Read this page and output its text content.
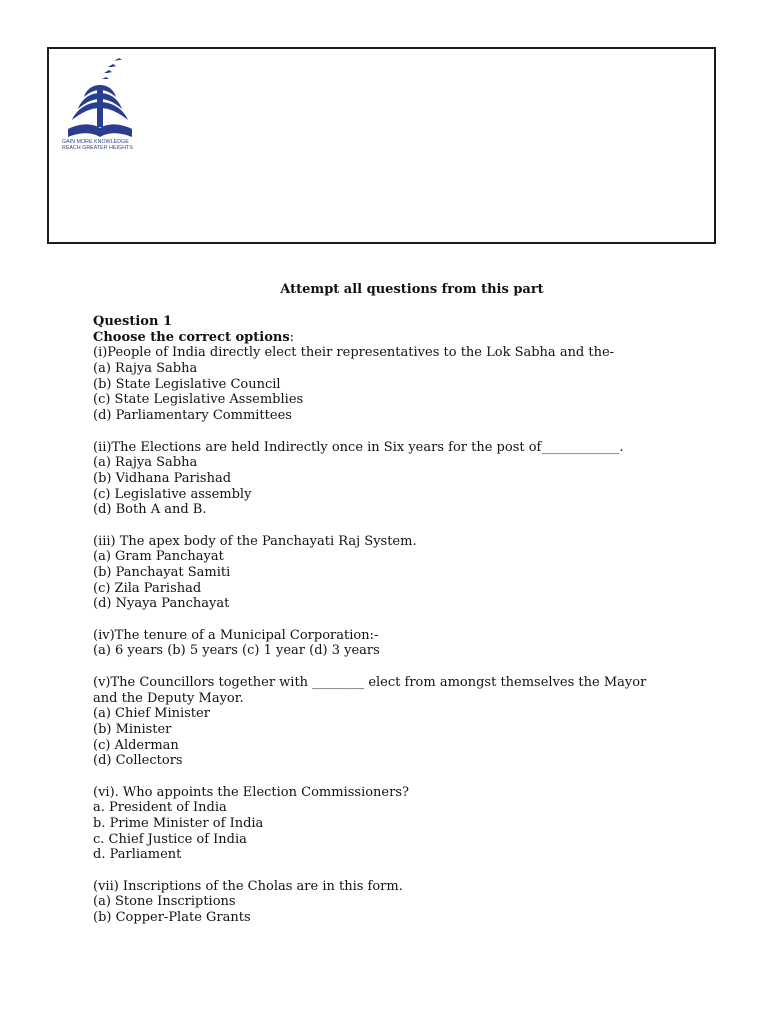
GAIN MORE KNOWLEDGE
REACH GREATER HEIGHTS
Attempt all questions from this part
Question 1
Choose the correct options:
(i)People of India directly elect their representatives to the Lok Sabha and the-
(a) Rajya Sabha
(b) State Legislative Council
(c) State Legislative Assemblies
(d) Parliamentary Committees
(ii)The Elections are held Indirectly once in Six years for the post of____________.
(a) Rajya Sabha
(b) Vidhana Parishad
(c) Legislative assembly
(d) Both A and B.
(iii) The apex body of the Panchayati Raj System.
(a) Gram Panchayat
(b) Panchayat Samiti
(c) Zila Parishad
(d) Nyaya Panchayat
(iv)The tenure of a Municipal Corporation:-
(a) 6 years (b) 5 years (c) 1 year (d) 3 years
(v)The Councillors together with ________ elect from amongst themselves the Mayor
and the Deputy Mayor.
(a) Chief Minister
(b) Minister
(c) Alderman
(d) Collectors
(vi). Who appoints the Election Commissioners?
a. President of India
b. Prime Minister of India
c. Chief Justice of India
d. Parliament
(vii) Inscriptions of the Cholas are in this form.
(a) Stone Inscriptions
(b) Copper-Plate Grants
